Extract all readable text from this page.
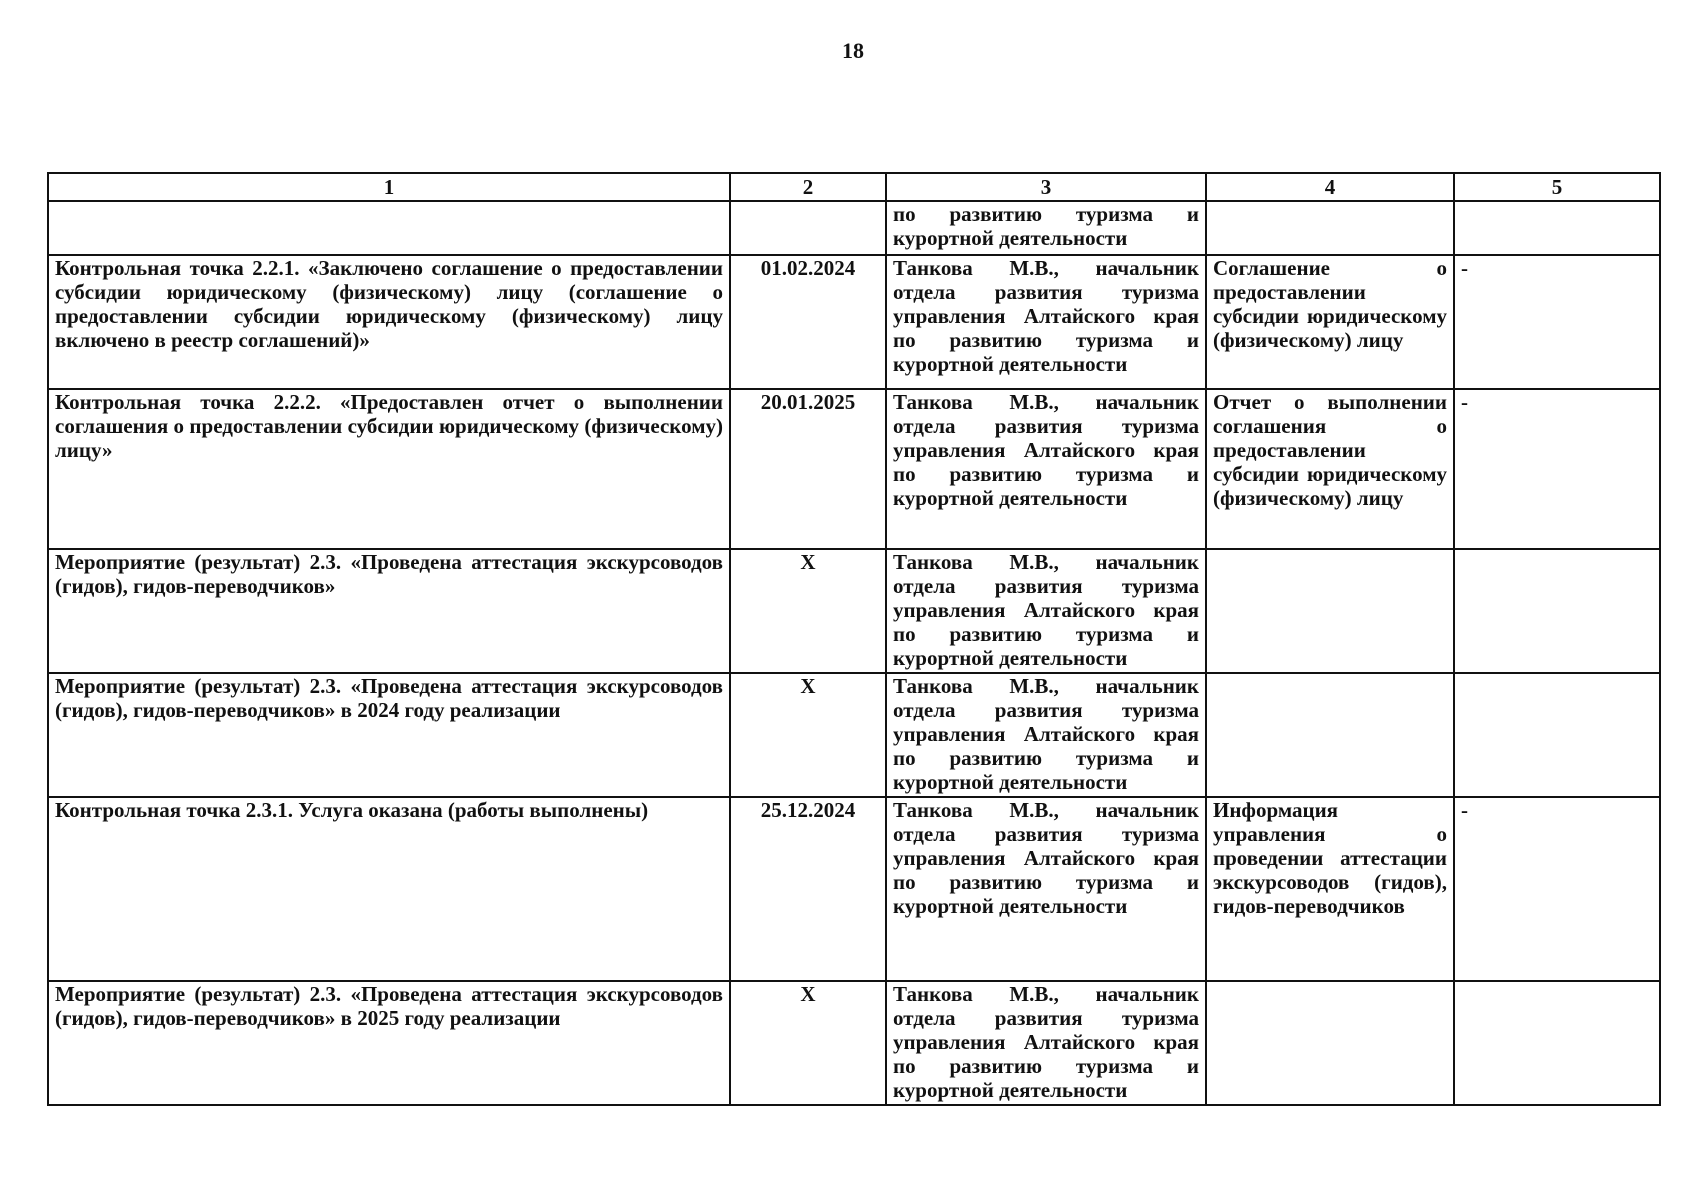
18
1	2	3	4	5
		по развитию туризма и курортной деятельности		
Контрольная точка 2.2.1. «Заключено соглашение о предоставлении субсидии юридическому (физическому) лицу (соглашение о предоставлении субсидии юридическому (физическому) лицу включено в реестр соглашений)»	01.02.2024	Танкова М.В., начальник отдела развития туризма управления Алтайского края по развитию туризма и курортной деятельности	Соглашение о предоставлении субсидии юридическому (физическому) лицу	-
Контрольная точка 2.2.2. «Предоставлен отчет о выполнении соглашения о предоставлении субсидии юридическому (физическому) лицу»	20.01.2025	Танкова М.В., начальник отдела развития туризма управления Алтайского края по развитию туризма и курортной деятельности	Отчет о выполнении соглашения о предоставлении субсидии юридическому (физическому) лицу	-
Мероприятие (результат) 2.3. «Проведена аттестация экскурсоводов (гидов), гидов-переводчиков»	X	Танкова М.В., начальник отдела развития туризма управления Алтайского края по развитию туризма и курортной деятельности		
Мероприятие (результат) 2.3. «Проведена аттестация экскурсоводов (гидов), гидов-переводчиков» в 2024 году реализации	X	Танкова М.В., начальник отдела развития туризма управления Алтайского края по развитию туризма и курортной деятельности		
Контрольная точка 2.3.1. Услуга оказана (работы выполнены)	25.12.2024	Танкова М.В., начальник отдела развития туризма управления Алтайского края по развитию туризма и курортной деятельности	Информация управления о проведении аттестации экскурсоводов (гидов), гидов-переводчиков	-
Мероприятие (результат) 2.3. «Проведена аттестация экскурсоводов (гидов), гидов-переводчиков» в 2025 году реализации	X	Танкова М.В., начальник отдела развития туризма управления Алтайского края по развитию туризма и курортной деятельности		
